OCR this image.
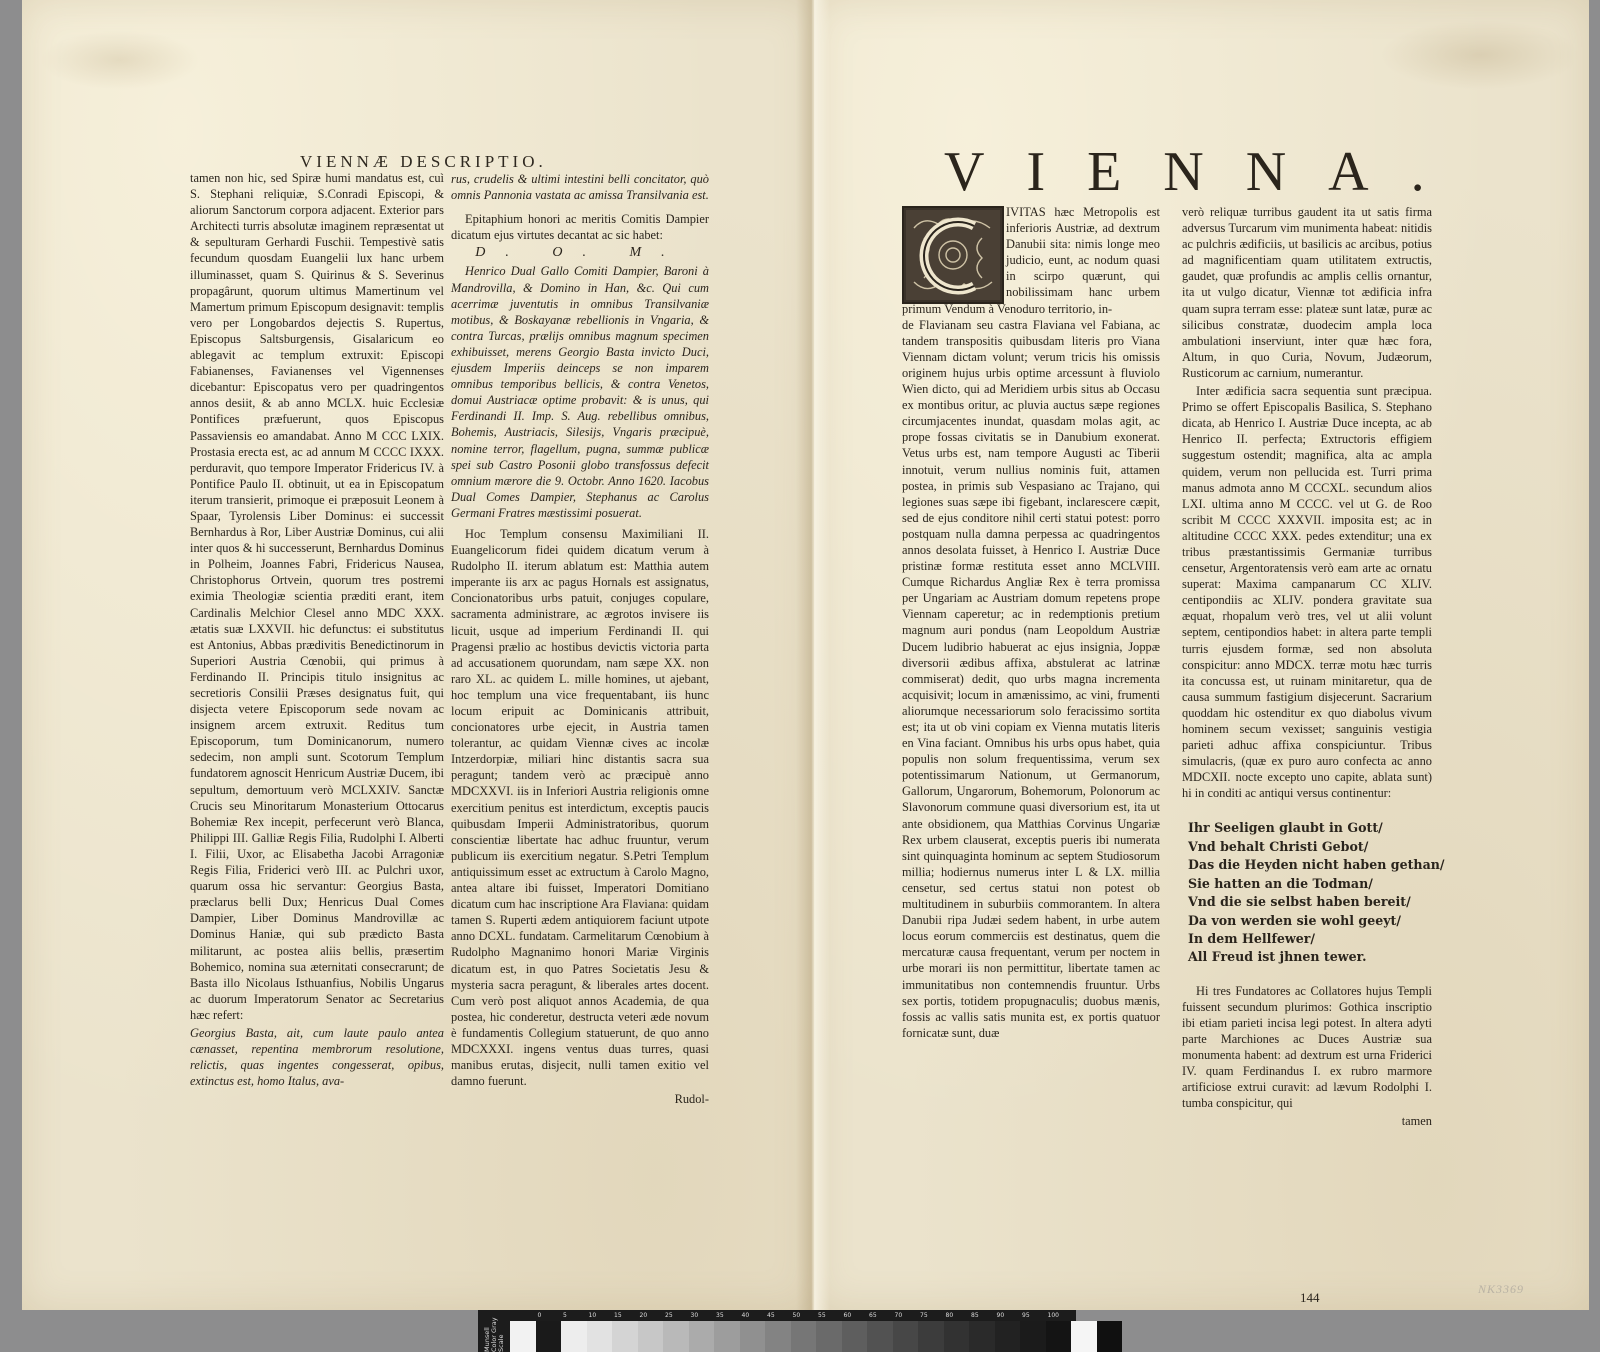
VIENNÆ DESCRIPTIO.

tamen non hic, sed Spiræ humi mandatus est, cuì S. Stephani reliquiæ, S.Conradi Episcopi, & aliorum Sanctorum corpora adjacent. Exterior pars Architecti turris absolutæ imaginem repræsentat ut & sepulturam Gerhardi Fuschii. Tempestivè satis fecundum quosdam Euangelii lux hanc urbem illuminasset, quam S. Quirinus & S. Severinus propagârunt, quorum ultimus Mamertinum vel Mamertum primum Episcopum designavit: templis vero per Longobardos dejectis S. Rupertus, Episcopus Saltsburgensis, Gisalaricum eo ablegavit ac templum extruxit: Episcopi Fabianenses, Favianenses vel Vigennenses dicebantur: Episcopatus vero per quadringentos annos desiit, & ab anno MCLX. huic Ecclesiæ Pontifices præfuerunt, quos Episcopus Passaviensis eo amandabat. Anno M CCC LXIX. Prostasia erecta est, ac ad annum M CCCC IXXX. perduravit, quo tempore Imperator Fridericus IV. à Pontifice Paulo II. obtinuit, ut ea in Episcopatum iterum transierit, primoque ei præposuit Leonem à Spaar, Tyrolensis Liber Dominus: ei successit Bernhardus à Ror, Liber Austriæ Dominus, cui alii inter quos & hi successerunt, Bernhardus Dominus in Polheim, Joannes Fabri, Fridericus Nausea, Christophorus Ortvein, quorum tres postremi eximia Theologiæ scientia præditi erant, item Cardinalis Melchior Clesel anno MDC XXX. ætatis suæ LXXVII. hic defunctus: ei substitutus est Antonius, Abbas prædivitis Benedictinorum in Superiori Austria Cœnobii, qui primus à Ferdinando II. Principis titulo insignitus ac secretioris Consilii Præses designatus fuit, qui disjecta vetere Episcoporum sede novam ac insignem arcem extruxit. Reditus tum Episcoporum, tum Dominicanorum, numero sedecim, non ampli sunt. Scotorum Templum fundatorem agnoscit Henricum Austriæ Ducem, ibi sepultum, demortuum verò MCLXXIV. Sanctæ Crucis seu Minoritarum Monasterium Ottocarus Bohemiæ Rex incepit, perfecerunt verò Blanca, Philippi III. Galliæ Regis Filia, Rudolphi I. Alberti I. Filii, Uxor, ac Elisabetha Jacobi Arragoniæ Regis Filia, Friderici verò III. ac Pulchri uxor, quarum ossa hic servantur: Georgius Basta, præclarus belli Dux; Henricus Dual Comes Dampier, Liber Dominus Mandrovillæ ac Dominus Haniæ, qui sub prædicto Basta militarunt, ac postea aliis bellis, præsertim Bohemico, nomina sua æternitati consecrarunt; de Basta illo Nicolaus Isthuanfius, Nobilis Ungarus ac duorum Imperatorum Senator ac Secretarius hæc refert:

Georgius Basta, ait, cum laute paulo antea cænasset, repentina membrorum resolutione, relictis, quas ingentes congesserat, opibus, extinctus est, homo Italus, ava-

rus, crudelis & ultimi intestini belli concitator, quò omnis Pannonia vastata ac amissa Transilvania est.

Epitaphium honori ac meritis Comitis Dampier dicatum ejus virtutes decantat ac sic habet:

D. O. M.

Henrico Dual Gallo Comiti Dampier, Baroni à Mandrovilla, & Domino in Han, &c. Qui cum acerrimæ juventutis in omnibus Transilvaniæ motibus, & Boskayanæ rebellionis in Vngaria, & contra Turcas, prælijs omnibus magnum specimen exhibuisset, merens Georgio Basta invicto Duci, ejusdem Imperiis deinceps se non imparem omnibus temporibus bellicis, & contra Venetos, domui Austriacæ optime probavit: & is unus, qui Ferdinandi II. Imp. S. Aug. rebellibus omnibus, Bohemis, Austriacis, Silesijs, Vngaris præcipuè, nomine terror, flagellum, pugna, summæ publicæ spei sub Castro Posonii globo transfossus defecit omnium mærore die 9. Octobr. Anno 1620. Iacobus Dual Comes Dampier, Stephanus ac Carolus Germani Fratres mæstissimi posuerat.

Hoc Templum consensu Maximiliani II. Euangelicorum fidei quidem dicatum verum à Rudolpho II. iterum ablatum est: Matthia autem imperante iis arx ac pagus Hornals est assignatus, Concionatoribus urbs patuit, conjuges copulare, sacramenta administrare, ac ægrotos invisere iis licuit, usque ad imperium Ferdinandi II. qui Pragensi prælio ac hostibus devictis victoria parta ad accusationem quorundam, nam sæpe XX. non raro XL. ac quidem L. mille homines, ut ajebant, hoc templum una vice frequentabant, iis hunc locum eripuit ac Dominicanis attribuit, concionatores urbe ejecit, in Austria tamen tolerantur, ac quidam Viennæ cives ac incolæ Intzerdorpiæ, miliari hinc distantis sacra sua peragunt; tandem verò ac præcipuè anno MDCXXVI. iis in Inferiori Austria religionis omne exercitium penitus est interdictum, exceptis paucis quibusdam Imperii Administratoribus, quorum conscientiæ libertate hac adhuc fruuntur, verum publicum iis exercitium negatur. S.Petri Templum antiquissimum esset ac extructum à Carolo Magno, antea altare ibi fuisset, Imperatori Domitiano dicatum cum hac inscriptione Ara Flaviana: quidam tamen S. Ruperti ædem antiquiorem faciunt utpote anno DCXL. fundatam. Carmelitarum Cœnobium à Rudolpho Magnanimo honori Mariæ Virginis dicatum est, in quo Patres Societatis Jesu & mysteria sacra peragunt, & liberales artes docent. Cum verò post aliquot annos Academia, de qua postea, hic conderetur, destructa veteri æde novum è fundamentis Collegium statuerunt, de quo anno MDCXXXI. ingens ventus duas turres, quasi manibus erutas, disjecit, nulli tamen exitio vel damno fuerunt.

Rudol-

VIENNA.

IVITAS hæc Metropolis est inferioris Austriæ, ad dextrum Danubii sita: nimis longe meo judicio, eunt, ac nodum quasi in scirpo quærunt, qui nobilissimam hanc urbem primum Vendum à Venoduro territorio, in-

de Flavianam seu castra Flaviana vel Fabiana, ac tandem transpositis quibusdam literis pro Viana Viennam dictam volunt; verum tricis his omissis originem hujus urbis optime arcessunt à fluviolo Wien dicto, qui ad Meridiem urbis situs ab Occasu ex montibus oritur, ac pluvia auctus sæpe regiones circumjacentes inundat, quasdam molas agit, ac prope fossas civitatis se in Danubium exonerat. Vetus urbs est, nam tempore Augusti ac Tiberii innotuit, verum nullius nominis fuit, attamen postea, in primis sub Vespasiano ac Trajano, qui legiones suas sæpe ibi figebant, inclarescere cæpit, sed de ejus conditore nihil certi statui potest: porro postquam nulla damna perpessa ac quadringentos annos desolata fuisset, à Henrico I. Austriæ Duce pristinæ formæ restituta esset anno MCLVIII. Cumque Richardus Angliæ Rex è terra promissa per Ungariam ac Austriam domum repetens prope Viennam caperetur; ac in redemptionis pretium magnum auri pondus (nam Leopoldum Austriæ Ducem ludibrio habuerat ac ejus insignia, Joppæ diversorii ædibus affixa, abstulerat ac latrinæ commiserat) dedit, quo urbs magna incrementa acquisivit; locum in amænissimo, ac vini, frumenti aliorumque necessariorum solo feracissimo sortita est; ita ut ob vini copiam ex Vienna mutatis literis en Vina faciant. Omnibus his urbs opus habet, quia populis non solum frequentissima, verum sex potentissimarum Nationum, ut Germanorum, Gallorum, Ungarorum, Bohemorum, Polonorum ac Slavonorum commune quasi diversorium est, ita ut ante obsidionem, qua Matthias Corvinus Ungariæ Rex urbem clauserat, exceptis pueris ibi numerata sint quinquaginta hominum ac septem Studiosorum millia; hodiernus numerus inter L & LX. millia censetur, sed certus statui non potest ob multitudinem in suburbiis commorantem. In altera Danubii ripa Judæi sedem habent, in urbe autem locus eorum commerciis est destinatus, quem die mercaturæ causa frequentant, verum per noctem in urbe morari iis non permittitur, libertate tamen ac immunitatibus non contemnendis fruuntur. Urbs sex portis, totidem propugnaculis; duobus mænis, fossis ac vallis satis munita est, ex portis quatuor fornicatæ sunt, duæ

verò reliquæ turribus gaudent ita ut satis firma adversus Turcarum vim munimenta habeat: nitidis ac pulchris ædificiis, ut basilicis ac arcibus, potius ad magnificentiam quam utilitatem extructis, gaudet, quæ profundis ac amplis cellis ornantur, ita ut vulgo dicatur, Viennæ tot ædificia infra quam supra terram esse: plateæ sunt latæ, puræ ac silicibus constratæ, duodecim ampla loca ambulationi inserviunt, inter quæ hæc fora, Altum, in quo Curia, Novum, Judæorum, Rusticorum ac carnium, numerantur.

Inter ædificia sacra sequentia sunt præcipua. Primo se offert Episcopalis Basilica, S. Stephano dicata, ab Henrico I. Austriæ Duce incepta, ac ab Henrico II. perfecta; Extructoris effigiem suggestum ostendit; magnifica, alta ac ampla quidem, verum non pellucida est. Turri prima manus admota anno M CCCXL. secundum alios LXI. ultima anno M CCCC. vel ut G. de Roo scribit M CCCC XXXVII. imposita est; ac in altitudine CCCC XXX. pedes extenditur; una ex tribus præstantissimis Germaniæ turribus censetur, Argentoratensis verò eam arte ac ornatu superat: Maxima campanarum CC XLIV. centipondiis ac XLIV. pondera gravitate sua æquat, rhopalum verò tres, vel ut alii volunt septem, centipondios habet: in altera parte templi turris ejusdem formæ, sed non absoluta conspicitur: anno MDCX. terræ motu hæc turris ita concussa est, ut ruinam minitaretur, qua de causa summum fastigium disjecerunt. Sacrarium quoddam hic ostenditur ex quo diabolus vivum hominem secum vexisset; sanguinis vestigia parieti adhuc affixa conspiciuntur. Tribus simulacris, (quæ ex puro auro confecta ac anno MDCXII. nocte excepto uno capite, ablata sunt) hi in conditi ac antiqui versus continentur:

Ihr Seeligen glaubt in Gott/
Vnd behalt Christi Gebot/
Das die Heyden nicht haben gethan/
Sie hatten an die Todman/
Vnd die sie selbst haben bereit/
Da von werden sie wohl geeyt/
In dem Hellfewer/
All Freud ist jhnen tewer.

Hi tres Fundatores ac Collatores hujus Templi fuissent secundum plurimos: Gothica inscriptio ibi etiam parieti incisa legi potest. In altera adyti parte Marchiones ac Duces Austriæ sua monumenta habent: ad dextrum est urna Friderici IV. quam Ferdinandus I. ex rubro marmore artificiose extrui curavit: ad lævum Rodolphi I. tumba conspicitur, qui

tamen

144
NK3369
Munsell Color Gray Scale
0	5	10	15	20	25	30	35	40	45	50	55	60	65	70	75	80	85	90	95	100
